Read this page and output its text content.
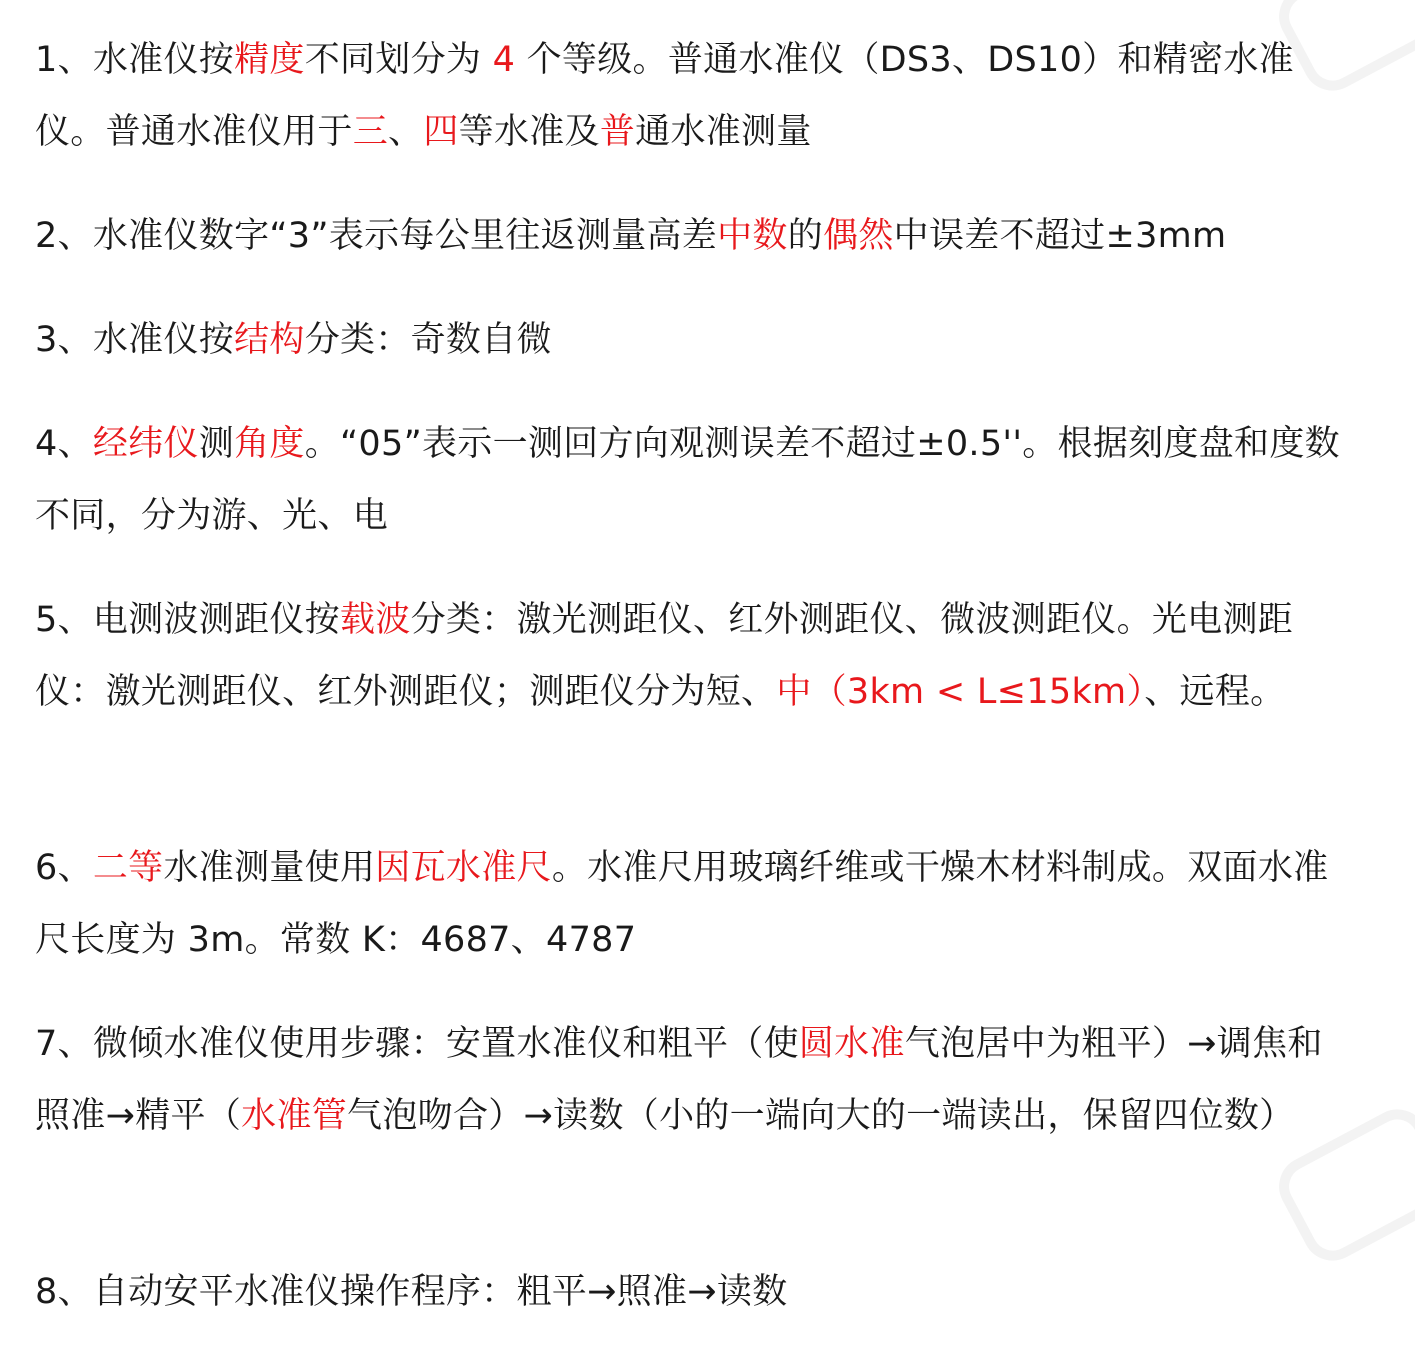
1、水准仪按精度不同划分为 4 个等级。普通水准仪（DS3、DS10）和精密水准仪。普通水准仪用于三、四等水准及普通水准测量
2、水准仪数字“3”表示每公里往返测量高差中数的偶然中误差不超过±3mm
3、水准仪按结构分类：奇数自微
4、经纬仪测角度。“05”表示一测回方向观测误差不超过±0.5''。根据刻度盘和度数不同，分为游、光、电
5、电测波测距仪按载波分类：激光测距仪、红外测距仪、微波测距仪。光电测距仪：激光测距仪、红外测距仪；测距仪分为短、中（3km < L≤15km）、远程。
6、二等水准测量使用因瓦水准尺。水准尺用玻璃纤维或干燥木材料制成。双面水准尺长度为 3m。常数 K：4687、4787
7、微倾水准仪使用步骤：安置水准仪和粗平（使圆水准气泡居中为粗平）→调焦和照准→精平（水准管气泡吻合）→读数（小的一端向大的一端读出，保留四位数）
8、自动安平水准仪操作程序：粗平→照准→读数
